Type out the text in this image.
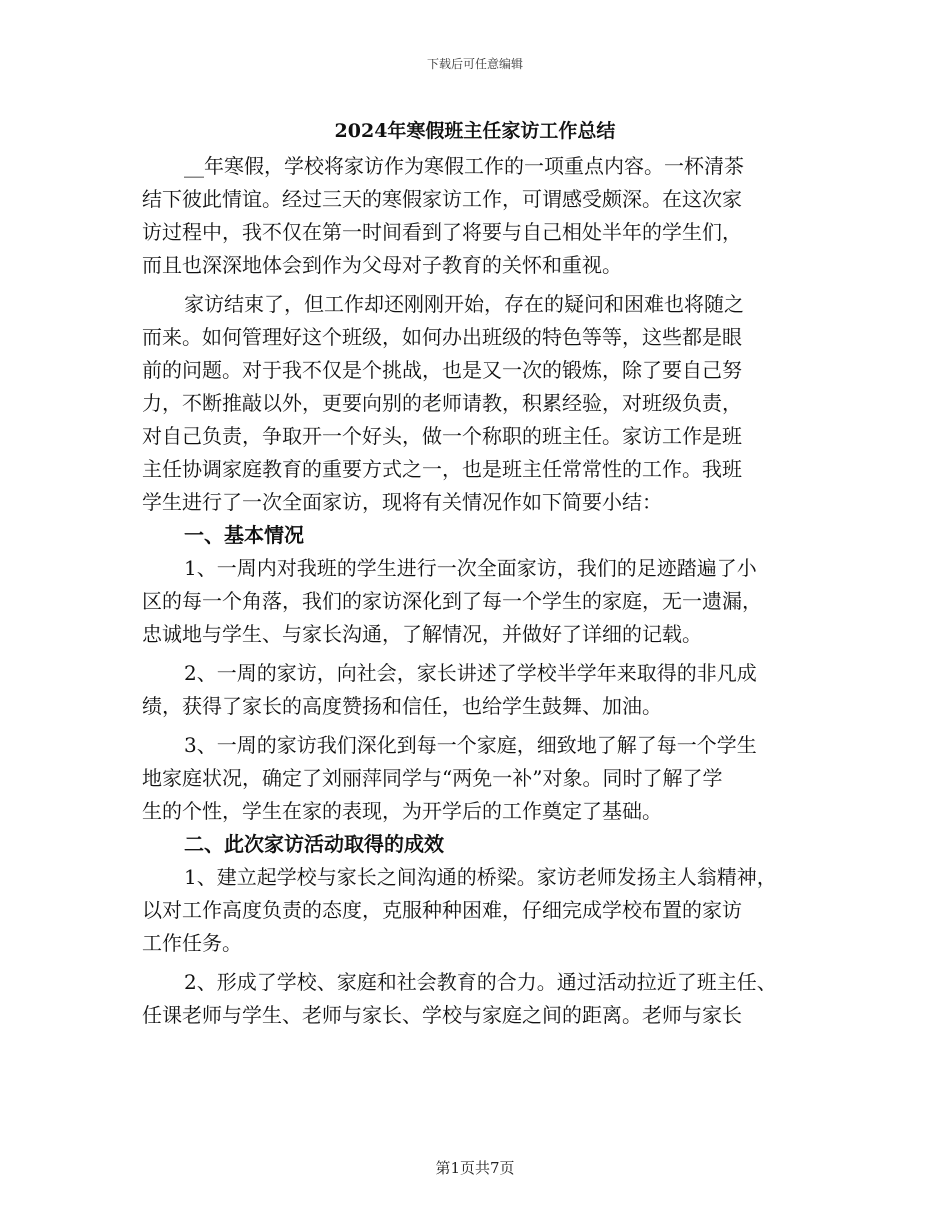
下载后可任意编辑
2024年寒假班主任家访工作总结
__年寒假，学校将家访作为寒假工作的一项重点内容。一杯清茶
结下彼此情谊。经过三天的寒假家访工作，可谓感受颇深。在这次家
访过程中，我不仅在第一时间看到了将要与自己相处半年的学生们，
而且也深深地体会到作为父母对子教育的关怀和重视。
家访结束了，但工作却还刚刚开始，存在的疑问和困难也将随之
而来。如何管理好这个班级，如何办出班级的特色等等，这些都是眼
前的问题。对于我不仅是个挑战，也是又一次的锻炼，除了要自己努
力，不断推敲以外，更要向别的老师请教，积累经验，对班级负责，
对自己负责，争取开一个好头，做一个称职的班主任。家访工作是班
主任协调家庭教育的重要方式之一，也是班主任常常性的工作。我班
学生进行了一次全面家访，现将有关情况作如下简要小结：
一、基本情况
1、一周内对我班的学生进行一次全面家访，我们的足迹踏遍了小
区的每一个角落，我们的家访深化到了每一个学生的家庭，无一遗漏，
忠诚地与学生、与家长沟通，了解情况，并做好了详细的记载。
2、一周的家访，向社会，家长讲述了学校半学年来取得的非凡成
绩，获得了家长的高度赞扬和信任，也给学生鼓舞、加油。
3、一周的家访我们深化到每一个家庭，细致地了解了每一个学生
地家庭状况，确定了刘丽萍同学与“两免一补”对象。同时了解了学
生的个性，学生在家的表现，为开学后的工作奠定了基础。
二、此次家访活动取得的成效
1、建立起学校与家长之间沟通的桥梁。家访老师发扬主人翁精神，
以对工作高度负责的态度，克服种种困难，仔细完成学校布置的家访
工作任务。
2、形成了学校、家庭和社会教育的合力。通过活动拉近了班主任、
任课老师与学生、老师与家长、学校与家庭之间的距离。老师与家长
第1页共7页
